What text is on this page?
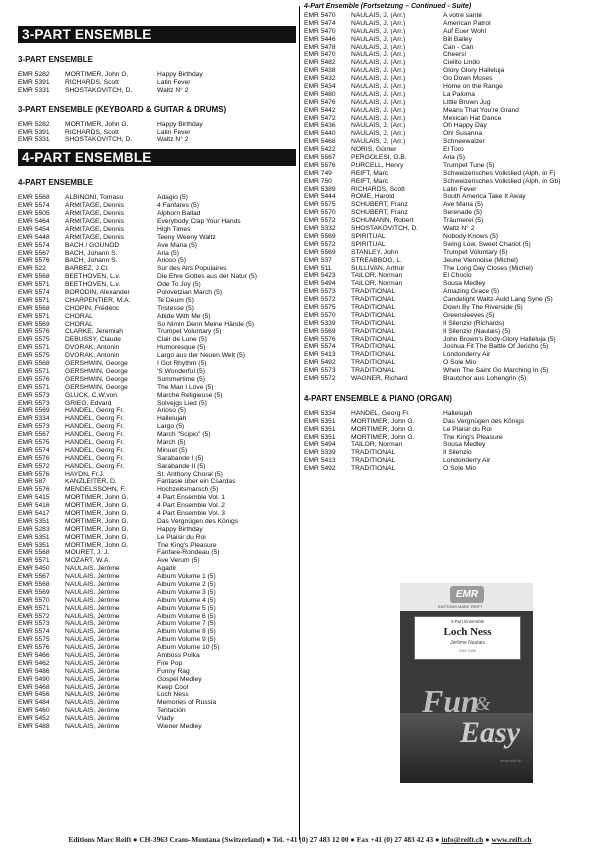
3-PART ENSEMBLE
3-PART ENSEMBLE
EMR 5282 MORTIMER, John G.	Happy Birthday
EMR 5391 RICHARDS, Scott	Latin Fever
EMR 5331 SHOSTAKOVITCH, D.	Waltz N° 2
3-PART ENSEMBLE (KEYBOARD & GUITAR & DRUMS)
EMR 5282 MORTIMER, John G.	Happy Birthday
EMR 5391 RICHARDS, Scott	Latin Fever
EMR 5331 SHOSTAKOVITCH, D.	Waltz N° 2
4-PART ENSEMBLE
4-PART ENSEMBLE
EMR 5568 ALBINONI, Tomaso	Adagio (5)
EMR 5574 ARMITAGE, Dennis	4 Fanfares (5)
EMR 5505 ARMITAGE, Dennis	Alphorn Ballad
EMR 5464 ARMITAGE, Dennis	Everybody Clap Your Hands
EMR 5454 ARMITAGE, Dennis	High Times
EMR 5448 ARMITAGE, Dennis	Teeny Weeny Waltz
EMR 5574 BACH / GOUNOD	Ave Maria (5)
EMR 5567 BACH, Johann S.	Aria (5)
EMR 5576 BACH, Johann S.	Arioso (5)
EMR 522	BARBEZ, J.Cl.	Sur des Airs Populaires
EMR 5568 BEETHOVEN, L.v.	Die Ehre Gottes aus der Natur (5)
EMR 5571 BEETHOVEN, L.v.	Ode To Joy (5)
EMR 5574 BORODIN, Alexander	Polovetzian March (5)
EMR 5571 CHARPENTIER, M.A.	Te Deum (5)
EMR 5568 CHOPIN, Frédéric	Tristesse (5)
EMR 5571 CHORAL	Abide With Me (5)
EMR 5569 CHORAL	So Nimm Denn Meine Hände (5)
EMR 5576 CLARKE, Jeremiah	Trumpet Voluntary (5)
EMR 5575 DEBUSSY, Claude	Clair de Lune (5)
EMR 5571 DVORAK, Antonin	Humoresque (5)
EMR 5575 DVORAK, Antonin	Largo aus der Neuen Welt (5)
EMR 5568 GERSHWIN, George	I Got Rhythm (5)
EMR 5571 GERSHWIN, George	'S Wonderful (5)
EMR 5576 GERSHWIN, George	Summertime (5)
EMR 5571 GERSHWIN, George	The Man I Love (5)
EMR 5573 GLUCK, C.W.von	Marche Religieuse (5)
EMR 5573 GRIEG, Edvard	Solvejgs Lied (5)
EMR 5569 HÄNDEL, Georg Fr.	Arioso (5)
EMR 5334 HÄNDEL, Georg Fr.	Hallelujah
EMR 5573 HÄNDEL, Georg Fr.	Largo (5)
EMR 5567 HÄNDEL, Georg Fr.	March "Scipio" (5)
EMR 5575 HÄNDEL, Georg Fr.	March (5)
EMR 5574 HÄNDEL, Georg Fr.	Minuet (5)
EMR 5576 HÄNDEL, Georg Fr.	Sarabande I (5)
EMR 5572 HÄNDEL, Georg Fr.	Sarabande II (5)
EMR 5576 HAYDN, Fr.J.	St. Anthony Choral (5)
EMR 587	KANZLEITER, D.	Fantasie über ein Csardas
EMR 5576 MENDELSSOHN, F.	Hochzeitsmarsch (5)
EMR 5415 MORTIMER, John G.	4 Part Ensemble Vol. 1
EMR 5416 MORTIMER, John G.	4 Part Ensemble Vol. 2
EMR 5417 MORTIMER, John G.	4 Part Ensemble Vol. 3
EMR 5351 MORTIMER, John G.	Das Vergnügen des Königs
EMR 5283 MORTIMER, John G.	Happy Birthday
EMR 5351 MORTIMER, John G.	Le Plaisir du Roi
EMR 5351 MORTIMER, John G.	The King's Pleasure
EMR 5568 MOURET, J. J.	Fanfare-Rondeau (5)
EMR 5571 MOZART, W.A.	Ave Verum (5)
EMR 5450 NAULAIS, Jérôme	Agadir
EMR 5567 NAULAIS, Jérôme	Album Volume 1 (5)
EMR 5568 NAULAIS, Jérôme	Album Volume 2 (5)
EMR 5569 NAULAIS, Jérôme	Album Volume 3 (5)
EMR 5570 NAULAIS, Jérôme	Album Volume 4 (5)
EMR 5571 NAULAIS, Jérôme	Album Volume 5 (5)
EMR 5572 NAULAIS, Jérôme	Album Volume 6 (5)
EMR 5573 NAULAIS, Jérôme	Album Volume 7 (5)
EMR 5574 NAULAIS, Jérôme	Album Volume 8 (5)
EMR 5575 NAULAIS, Jérôme	Album Volume 9 (5)
EMR 5576 NAULAIS, Jérôme	Album Volume 10 (5)
EMR 5466 NAULAIS, Jérôme	Amboss Polka
EMR 5462 NAULAIS, Jérôme	Fire Pop
EMR 5486 NAULAIS, Jérôme	Funny Rag
EMR 5490 NAULAIS, Jérôme	Gospel Medley
EMR 5468 NAULAIS, Jérôme	Keep Cool
EMR 5456 NAULAIS, Jérôme	Loch Ness
EMR 5484 NAULAIS, Jérôme	Memories of Russia
EMR 5460 NAULAIS, Jérôme	Tentación
EMR 5452 NAULAIS, Jérôme	Vlady
EMR 5488 NAULAIS, Jérôme	Wiener Medley
4-Part Ensemble (Fortsetzung – Continued - Suite)
EMR 5470 NAULAIS, J. (Arr.)	A votre santé
EMR 5474 NAULAIS, J. (Arr.)	American Patrol
EMR 5470 NAULAIS, J. (Arr.)	Auf Euer Wohl
EMR 5446 NAULAIS, J. (Arr.)	Bill Bailey
EMR 5478 NAULAIS, J. (Arr.)	Can - Can
EMR 5470 NAULAIS, J. (Arr.)	Cheers!
EMR 5482 NAULAIS, J. (Arr.)	Cielito Lindo
EMR 5438 NAULAIS, J. (Arr.)	Glory Glory Halleluja
EMR 5432 NAULAIS, J. (Arr.)	Go Down Moses
EMR 5434 NAULAIS, J. (Arr.)	Home on the Range
EMR 5480 NAULAIS, J. (Arr.)	La Paloma
EMR 5476 NAULAIS, J. (Arr.)	Little Brown Jug
EMR 5442 NAULAIS, J. (Arr.)	Means That You're Grand
EMR 5472 NAULAIS, J. (Arr.)	Mexican Hat Dance
EMR 5436 NAULAIS, J. (Arr.)	Oh Happy Day
EMR 5440 NAULAIS, J. (Arr.)	Oh! Susanna
EMR 5468 NAULAIS, J. (Arr.)	Schneewalzer
EMR 5422 NORIS, Günter	El Toro
EMR 5567 PERGOLESI, G.B.	Aria (5)
EMR 5576 PURCELL, Henry	Trumpet Tune (5)
EMR 749	REIFT, Marc	Schweizerisches Volkslied (Alph. in F)
EMR 750	REIFT, Marc	Schweizerisches Volkslied (Alph. in Gb)
EMR 5389 RICHARDS, Scott	Latin Fever
EMR 5444 ROME, Harold	South America Take It Away
EMR 5575 SCHUBERT, Franz	Ave Maria (5)
EMR 5570 SCHUBERT, Franz	Serenade (5)
EMR 5572 SCHUMANN, Robert	Träumerei (5)
EMR 5332 SHOSTAKOVITCH, D.	Waltz N° 2
EMR 5569 SPIRITUAL	Nobody Knows (5)
EMR 5572 SPIRITUAL	Swing Low, Sweet Chariot (5)
EMR 5569 STANLEY, John	Trumpet Voluntary (5)
EMR 537	STREABBOG, L.	Jeune Viennoise (Michel)
EMR 511	SULLIVAN, Arthur	The Long Day Closes (Michel)
EMR 5423 TAILOR, Norman	El Choclo
EMR 5494 TAILOR, Norman	Sousa Medley
EMR 5573 TRADITIONAL	Amazing Grace (5)
EMR 5572 TRADITIONAL	Candelight Waltz-Auld Lang Syne (5)
EMR 5575 TRADITIONAL	Down By The Riverside (5)
EMR 5570 TRADITIONAL	Greensleeves (5)
EMR 5339 TRADITIONAL	Il Silenzio (Richards)
EMR 5569 TRADITIONAL	Il Silenzio (Naulais) (5)
EMR 5576 TRADITIONAL	John Brown's Body-Glory Halleluja (5)
EMR 5574 TRADITIONAL	Joshua Fit The Battle Of Jericho (5)
EMR 5413 TRADITIONAL	Londonderry Air
EMR 5492 TRADITIONAL	O Sole Mio
EMR 5573 TRADITIONAL	When The Saint Go Marching In (5)
EMR 5572 WAGNER, Richard	Brautchor aus Lohengrin (5)
4-PART ENSEMBLE & PIANO (ORGAN)
EMR 5334 HÄNDEL, Georg Fr.	Hallelujah
EMR 5351 MORTIMER, John G.	Das Vergnügen des Königs
EMR 5351 MORTIMER, John G.	Le Plaisir du Roi
EMR 5351 MORTIMER, John G.	The King's Pleasure
EMR 5494 TAILOR, Norman	Sousa Medley
EMR 5339 TRADITIONAL	Il Silenzio
EMR 5413 TRADITIONAL	Londonderry Air
EMR 5492 TRADITIONAL	O Sole Mio
EMR
EDITIONS MARC REIFT
4-Part Ensemble
Loch Ness
Jérôme Naulais
EMR 5456
Fun
&
Easy
www.reift.ch
Editions Marc Reift ● CH-3963 Crans-Montana (Switzerland) ● Tel. +41 (0) 27 483 12 00 ● Fax +41 (0) 27 483 42 43 ● info@reift.ch ● www.reift.ch
